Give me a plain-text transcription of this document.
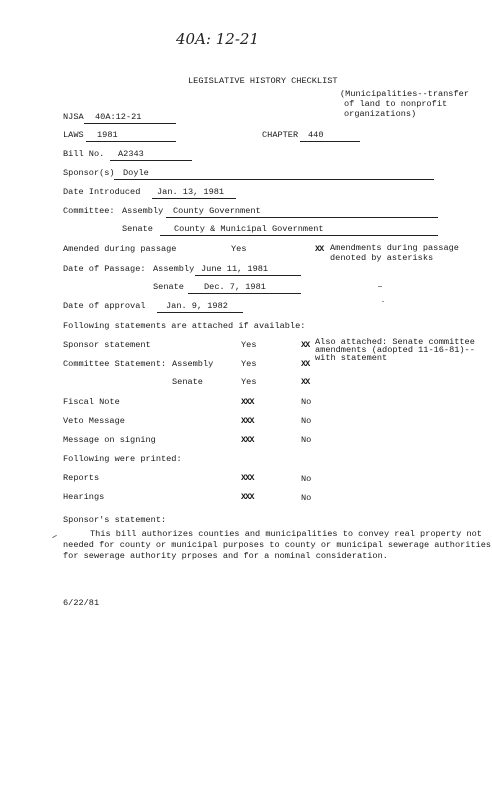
40A: 12-21
LEGISLATIVE HISTORY CHECKLIST
(Municipalities--transfer
of land to nonprofit
organizations)
NJSA 40A:12-21
LAWS 1981	CHAPTER 440
Bill No. A2343
Sponsor(s) Doyle
Date Introduced Jan. 13, 1981
Committee: Assembly County Government
Senate County & Municipal Government
Amended during passage	Yes	XX Amendments during passage
denoted by asterisks
Date of Passage: Assembly June 11, 1981
Senate Dec. 7, 1981
Date of approval Jan. 9, 1982
Following statements are attached if available:
Sponsor statement	Yes	XX Also attached: Senate committee
amendments (adopted 11-16-81)--
with statement
Committee Statement: Assembly	Yes	XX
Senate	Yes	XX
Fiscal Note	XXX	No
Veto Message	XXX	No
Message on signing	XXX	No
Following were printed:
Reports	XXX	No
Hearings	XXX	No
Sponsor's statement:
This bill authorizes counties and municipalities to convey real property not
needed for county or municipal purposes to county or municipal sewerage authorities
for sewerage authority prposes and for a nominal consideration.
6/22/81
